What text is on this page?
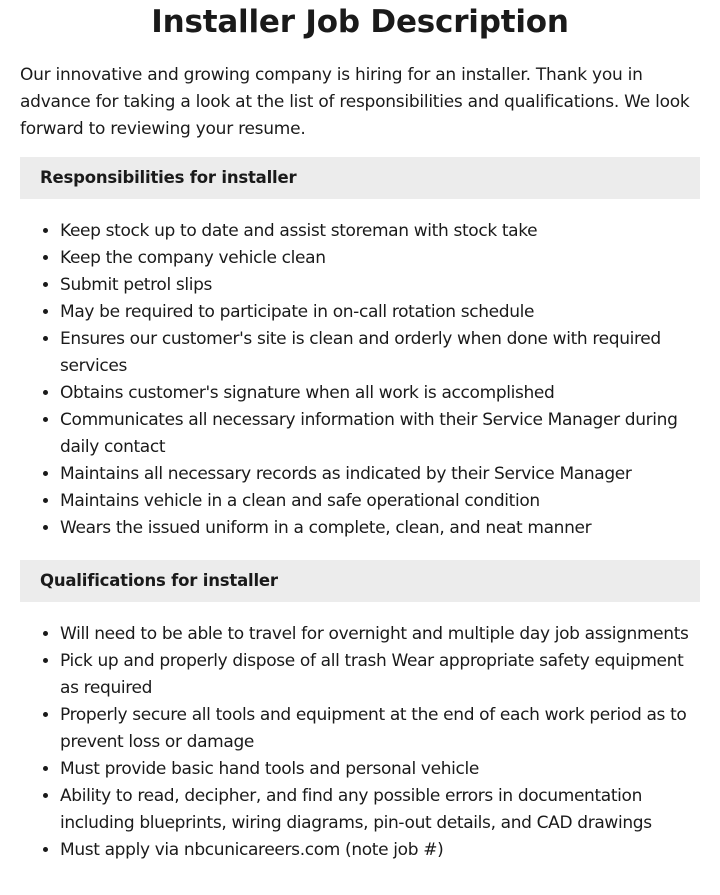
Installer Job Description

Our innovative and growing company is hiring for an installer. Thank you in advance for taking a look at the list of responsibilities and qualifications. We look forward to reviewing your resume.

Responsibilities for installer
• Keep stock up to date and assist storeman with stock take
• Keep the company vehicle clean
• Submit petrol slips
• May be required to participate in on-call rotation schedule
• Ensures our customer's site is clean and orderly when done with required services
• Obtains customer's signature when all work is accomplished
• Communicates all necessary information with their Service Manager during daily contact
• Maintains all necessary records as indicated by their Service Manager
• Maintains vehicle in a clean and safe operational condition
• Wears the issued uniform in a complete, clean, and neat manner
Qualifications for installer
• Will need to be able to travel for overnight and multiple day job assignments
• Pick up and properly dispose of all trash Wear appropriate safety equipment as required
• Properly secure all tools and equipment at the end of each work period as to prevent loss or damage
• Must provide basic hand tools and personal vehicle
• Ability to read, decipher, and find any possible errors in documentation including blueprints, wiring diagrams, pin-out details, and CAD drawings
• Must apply via nbcunicareers.com (note job #)
